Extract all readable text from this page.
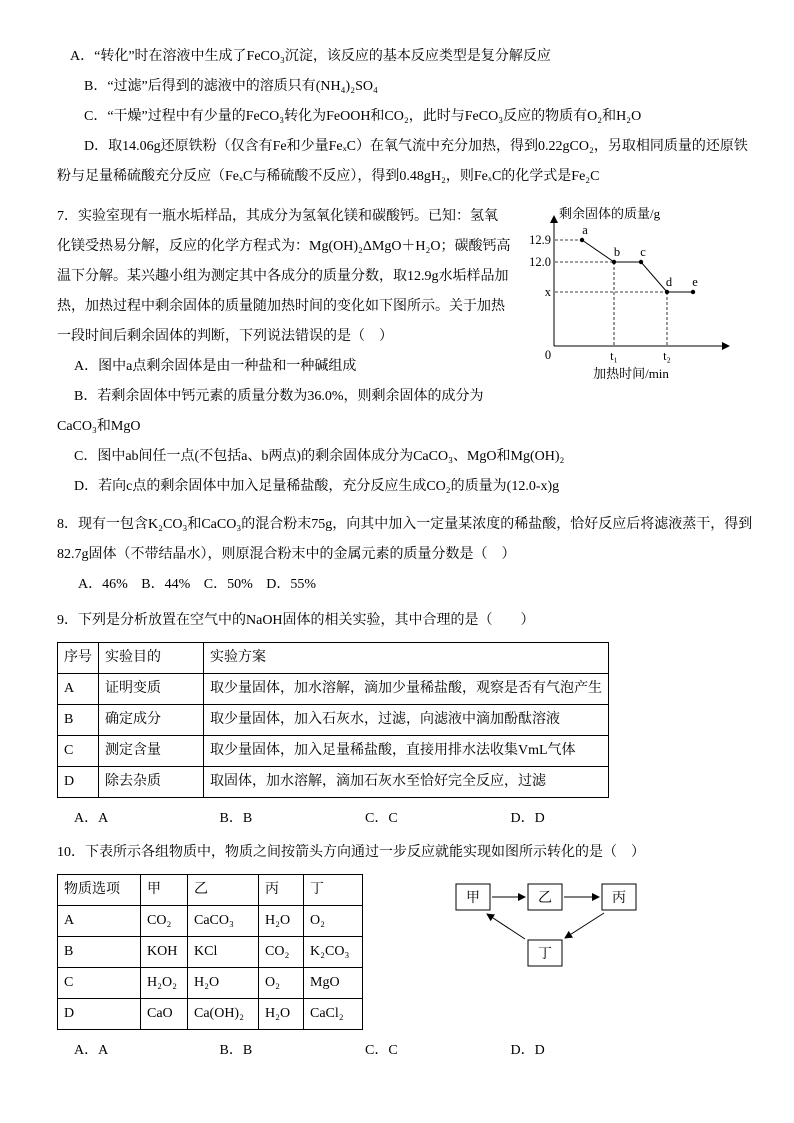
A．“转化”时在溶液中生成了FeCO₃沉淀，该反应的基本反应类型是复分解反应

B．“过滤”后得到的滤液中的溶质只有(NH₄)₂SO₄

C．“干燥”过程中有少量的FeCO₃转化为FeOOH和CO₂，此时与FeCO₃反应的物质有O₂和H₂O

D．取14.06g还原铁粉（仅含有Fe和少量FeₓC）在氧气流中充分加热，得到0.22gCO₂，另取相同质量的还原铁粉与足量稀硫酸充分反应（FeₓC与稀硫酸不反应），得到0.48gH₂，则FeₓC的化学式是Fe₂C

剩余固体的质量/g
12.9
12.0
x
0	t₁	t₂
a
b c
d e
加热时间/min

7．实验室现有一瓶水垢样品，其成分为氢氧化镁和碳酸钙。已知：氢氧化镁受热易分解，反应的化学方程式为：Mg(OH)₂ΔMgO＋H₂O；碳酸钙高温下分解。某兴趣小组为测定其中各成分的质量分数，取12.9g水垢样品加热，加热过程中剩余固体的质量随加热时间的变化如下图所示。关于加热一段时间后剩余固体的判断，下列说法错误的是（　）

A．图中a点剩余固体是由一种盐和一种碱组成

B．若剩余固体中钙元素的质量分数为36.0%，则剩余固体的成分为CaCO₃和MgO

C．图中ab间任一点(不包括a、b两点)的剩余固体成分为CaCO₃、MgO和Mg(OH)₂

D．若向c点的剩余固体中加入足量稀盐酸，充分反应生成CO₂的质量为(12.0-x)g

8．现有一包含K₂CO₃和CaCO₃的混合粉末75g，向其中加入一定量某浓度的稀盐酸，恰好反应后将滤液蒸干，得到82.7g固体（不带结晶水），则原混合粉末中的金属元素的质量分数是（　）

A．46% B．44% C．50% D．55%

9．下列是分析放置在空气中的NaOH固体的相关实验，其中合理的是（　　）

序号	实验目的	实验方案
A	证明变质	取少量固体，加水溶解，滴加少量稀盐酸，观察是否有气泡产生
B	确定成分	取少量固体，加入石灰水，过滤，向滤液中滴加酚酞溶液
C	测定含量	取少量固体，加入足量稀盐酸，直接用排水法收集VmL气体
D	除去杂质	取固体，加水溶解，滴加石灰水至恰好完全反应，过滤

A．A	B．B	C．C	D．D

10．下表所示各组物质中，物质之间按箭头方向通过一步反应就能实现如图所示转化的是（　）

甲	乙	丙
丁
物质选项	甲	乙	丙	丁
A	CO₂	CaCO₃	H₂O	O₂
B	KOH	KCl	CO₂	K₂CO₃
C	H₂O₂	H₂O	O₂	MgO
D	CaO	Ca(OH)₂	H₂O	CaCl₂

A．A	B．B	C．C	D．D
